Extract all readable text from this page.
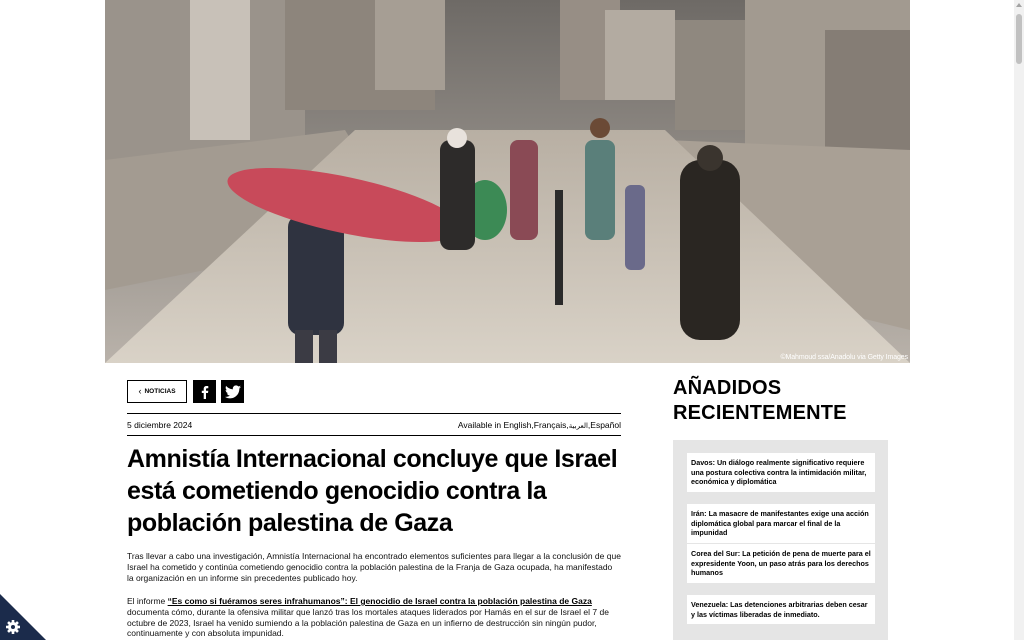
©Mahmoud ssa/Anadolu via Getty Images
‹ NOTICIAS
5 diciembre 2024	Available in English,Français,العربية,Español
Amnistía Internacional concluye que Israel está cometiendo genocidio contra la población palestina de Gaza

Tras llevar a cabo una investigación, Amnistía Internacional ha encontrado elementos suficientes para llegar a la conclusión de que Israel ha cometido y continúa cometiendo genocidio contra la población palestina de la Franja de Gaza ocupada, ha manifestado la organización en un informe sin precedentes publicado hoy.

El informe “Es como si fuéramos seres infrahumanos”: El genocidio de Israel contra la población palestina de Gaza documenta cómo, durante la ofensiva militar que lanzó tras los mortales ataques liderados por Hamás en el sur de Israel el 7 de octubre de 2023, Israel ha venido sumiendo a la población palestina de Gaza en un infierno de destrucción sin ningún pudor, continuamente y con absoluta impunidad.

AÑADIDOS
RECIENTEMENTE
Davos: Un diálogo realmente significativo requiere una postura colectiva contra la intimidación militar, económica y diplomática
Irán: La masacre de manifestantes exige una acción diplomática global para marcar el final de la impunidad
Corea del Sur: La petición de pena de muerte para el expresidente Yoon, un paso atrás para los derechos humanos
Venezuela: Las detenciones arbitrarias deben cesar y las víctimas liberadas de inmediato.
